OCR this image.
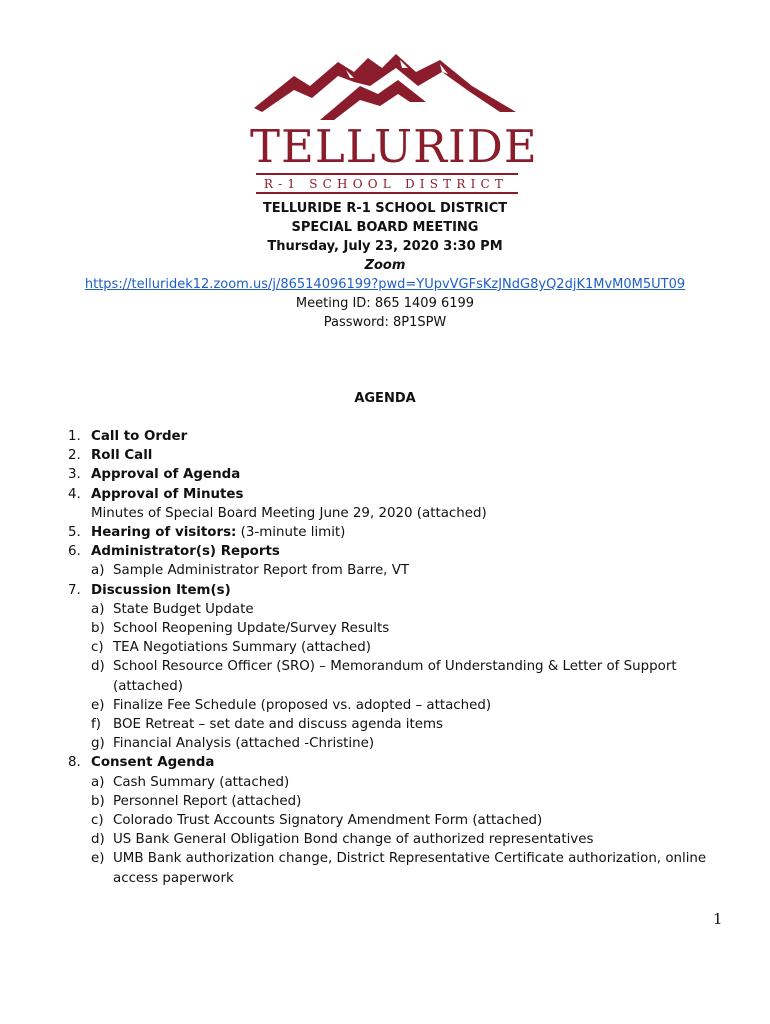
TELLURIDE
R-1 SCHOOL DISTRICT
TELLURIDE R-1 SCHOOL DISTRICT
SPECIAL BOARD MEETING
Thursday, July 23, 2020 3:30 PM
Zoom
https://telluridek12.zoom.us/j/86514096199?pwd=YUpvVGFsKzJNdG8yQ2djK1MvM0M5UT09
Meeting ID: 865 1409 6199
Password: 8P1SPW
AGENDA
1. Call to Order
2. Roll Call
3. Approval of Agenda
4. Approval of Minutes
Minutes of Special Board Meeting June 29, 2020 (attached)
5. Hearing of visitors: (3-minute limit)
6. Administrator(s) Reports
a) Sample Administrator Report from Barre, VT
7. Discussion Item(s)
a) State Budget Update
b) School Reopening Update/Survey Results
c) TEA Negotiations Summary (attached)
d) School Resource Officer (SRO) – Memorandum of Understanding & Letter of Support (attached)
e) Finalize Fee Schedule (proposed vs. adopted – attached)
f) BOE Retreat – set date and discuss agenda items
g) Financial Analysis (attached -Christine)
8. Consent Agenda
a) Cash Summary (attached)
b) Personnel Report (attached)
c) Colorado Trust Accounts Signatory Amendment Form (attached)
d) US Bank General Obligation Bond change of authorized representatives
e) UMB Bank authorization change, District Representative Certificate authorization, online access paperwork
1
